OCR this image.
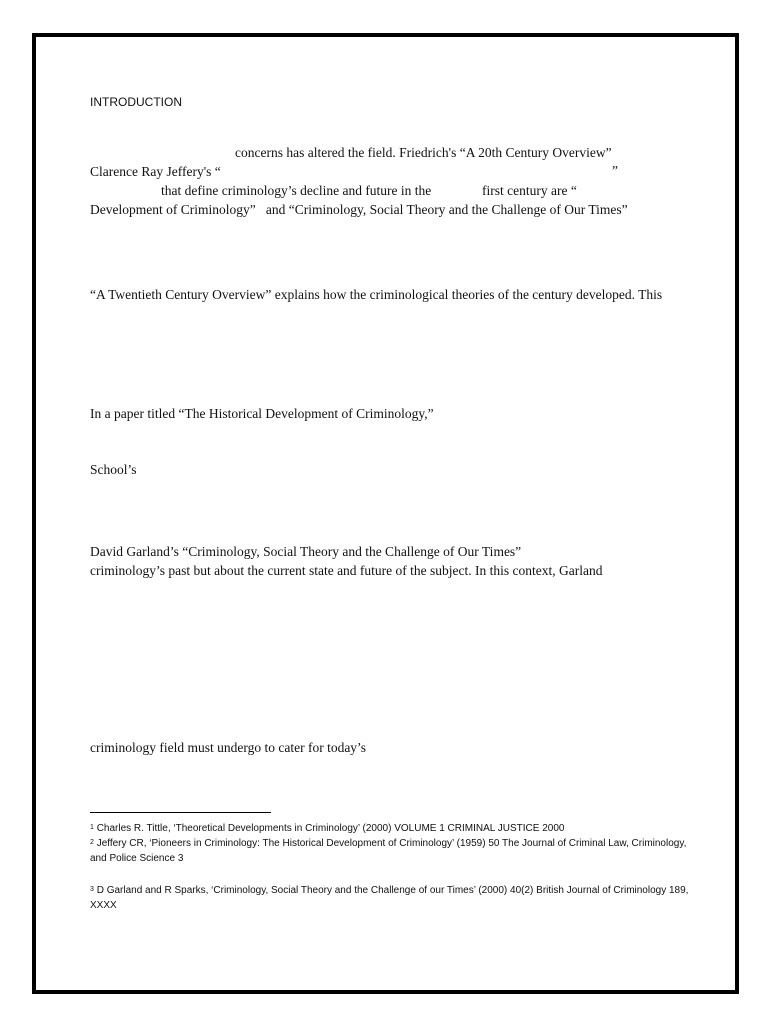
INTRODUCTION
concerns has altered the field. Friedrich's “A 20th Century Overview”
Clarence Ray Jeffery's “	”
that define criminology’s decline and future in the	first century are “
Development of Criminology”   and “Criminology, Social Theory and the Challenge of Our Times”
“A Twentieth Century Overview” explains how the criminological theories of the century developed. This
In a paper titled “The Historical Development of Criminology,”
School’s
David Garland’s “Criminology, Social Theory and the Challenge of Our Times”
criminology’s past but about the current state and future of the subject. In this context, Garland
criminology field must undergo to cater for today’s
$^1$ Charles R. Tittle, ‘Theoretical Developments in Criminology’ (2000) VOLUME 1 CRIMINAL JUSTICE 2000
$^2$ Jeffery CR, ‘Pioneers in Criminology: The Historical Development of Criminology’ (1959) 50 The Journal of Criminal Law, Criminology, and Police Science 3
$^3$ D Garland and R Sparks, ‘Criminology, Social Theory and the Challenge of our Times’ (2000) 40(2) British Journal of Criminology 189, XXXX
